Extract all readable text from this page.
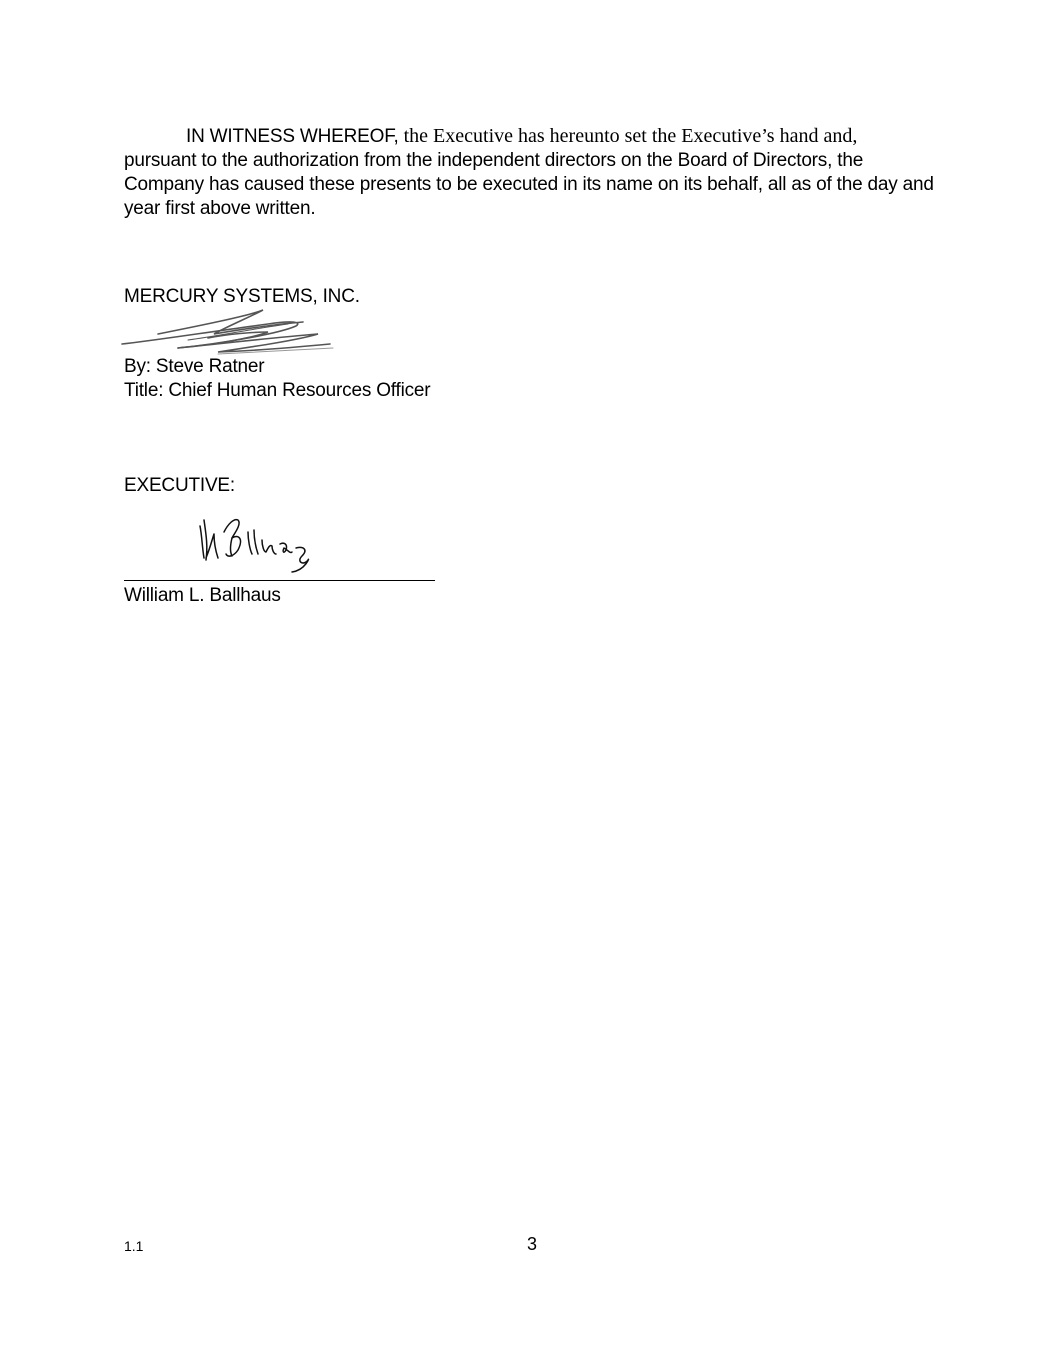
IN WITNESS WHEREOF, the Executive has hereunto set the Executive’s hand and, pursuant to the authorization from the independent directors on the Board of Directors, the Company has caused these presents to be executed in its name on its behalf, all as of the day and year first above written.

MERCURY SYSTEMS, INC.
By: Steve Ratner
Title: Chief Human Resources Officer
EXECUTIVE:
William L. Ballhaus
1.1	3
